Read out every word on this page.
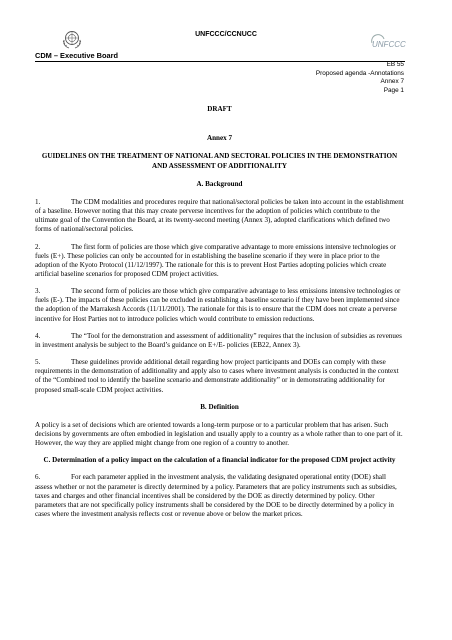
UNFCCC/CCNUCC
UNFCCC
CDM – Executive Board
EB 55
Proposed agenda -Annotations
Annex 7
Page 1
DRAFT
Annex 7
GUIDELINES ON THE TREATMENT OF NATIONAL AND SECTORAL POLICIES IN THE DEMONSTRATION AND ASSESSMENT OF ADDITIONALITY
A. Background

1.	The CDM modalities and procedures require that national/sectoral policies be taken into account in the establishment of a baseline. However noting that this may create perverse incentives for the adoption of policies which contribute to the ultimate goal of the Convention the Board, at its twenty-second meeting (Annex 3), adopted clarifications which defined two forms of national/sectoral policies.

2.	The first form of policies are those which give comparative advantage to more emissions intensive technologies or fuels (E+). These policies can only be accounted for in establishing the baseline scenario if they were in place prior to the adoption of the Kyoto Protocol (11/12/1997). The rationale for this is to prevent Host Parties adopting policies which create artificial baseline scenarios for proposed CDM project activities.

3.	The second form of policies are those which give comparative advantage to less emissions intensive technologies or fuels (E-). The impacts of these policies can be excluded in establishing a baseline scenario if they have been implemented since the adoption of the Marrakesh Accords (11/11/2001). The rationale for this is to ensure that the CDM does not create a perverse incentive for Host Parties not to introduce policies which would contribute to emission reductions.

4.	The “Tool for the demonstration and assessment of additionality” requires that the inclusion of subsidies as revenues in investment analysis be subject to the Board’s guidance on E+/E- policies (EB22, Annex 3).

5.	These guidelines provide additional detail regarding how project participants and DOEs can comply with these requirements in the demonstration of additionality and apply also to cases where investment analysis is conducted in the context of the “Combined tool to identify the baseline scenario and demonstrate additionality” or in demonstrating additionality for proposed small-scale CDM project activities.

B. Definition

A policy is a set of decisions which are oriented towards a long-term purpose or to a particular problem that has arisen. Such decisions by governments are often embodied in legislation and usually apply to a country as a whole rather than to one part of it. However, the way they are applied might change from one region of a country to another.

C. Determination of a policy impact on the calculation of a financial indicator for the proposed CDM project activity

6.	For each parameter applied in the investment analysis, the validating designated operational entity (DOE) shall assess whether or not the parameter is directly determined by a policy. Parameters that are policy instruments such as subsidies, taxes and charges and other financial incentives shall be considered by the DOE as directly determined by policy. Other parameters that are not specifically policy instruments shall be considered by the DOE to be directly determined by a policy in cases where the investment analysis reflects cost or revenue above or below the market prices.
